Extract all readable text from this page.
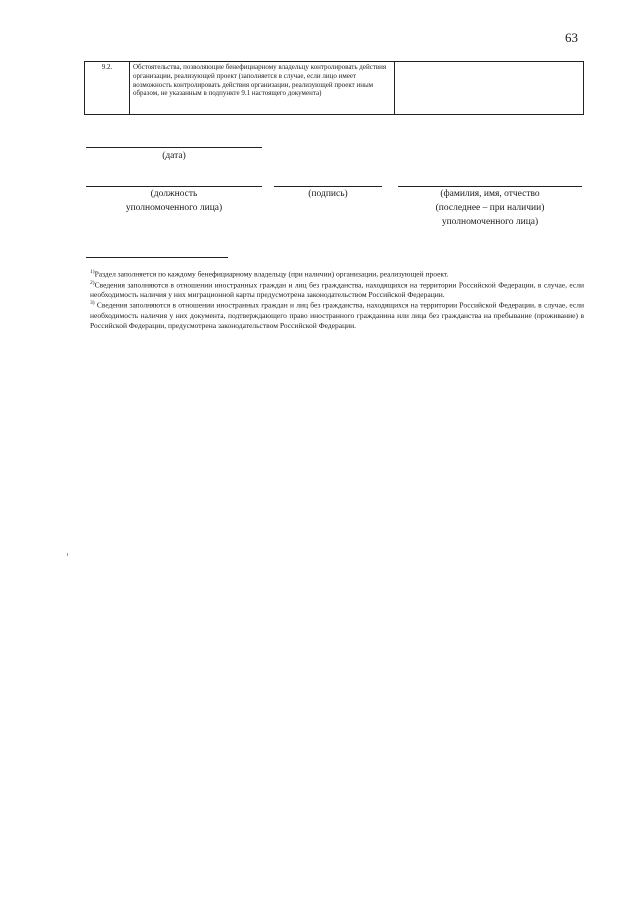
63
9.2.	Обстоятельства, позволяющие бенефициарному владельцу контролировать действия организации, реализующей проект (заполняется в случае, если лицо имеет возможность контролировать действия организации, реализующей проект иным образом, не указанным в подпункте 9.1 настоящего документа)	
(дата)
(должность
уполномоченного лица)
(подпись)	(фамилия, имя, отчество
(последнее – при наличии)
уполномоченного лица)

$^{1)}$Раздел заполняется по каждому бенефициарному владельцу (при наличии) организации, реализующей проект.

$^{2)}$Сведения заполняются в отношении иностранных граждан и лиц без гражданства, находящихся на территории Российской Федерации, в случае, если необходимость наличия у них миграционной карты предусмотрена законодательством Российской Федерации.

$^{3)}$ Сведения заполняются в отношении иностранных граждан и лиц без гражданства, находящихся на территории Российской Федерации, в случае, если необходимость наличия у них документа, подтверждающего право иностранного гражданина или лица без гражданства на пребывание (проживание) в Российской Федерации, предусмотрена законодательством Российской Федерации.
